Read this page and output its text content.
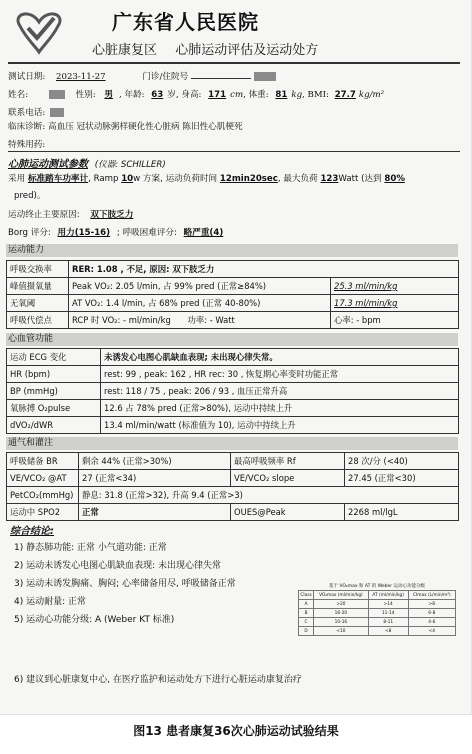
广东省人民医院
心脏康复区 心肺运动评估及运动处方
测试日期: 2023-11-27	门诊/住院号
姓名:	性别: 男 , 年龄: 63 岁, 身高: 171 cm, 体重: 81 kg, BMI: 27.7 kg/m²
联系电话:
临床诊断: 高血压 冠状动脉粥样硬化性心脏病 陈旧性心肌梗死
特殊用药:
心肺运动测试参数 (仪器: SCHILLER)
采用 标准踏车功率计, Ramp 10w 方案, 运动负荷时间 12min20sec, 最大负荷 123Watt (达到 80%
pred)。
运动终止主要原因: 双下肢乏力
Borg 评分: 用力(15-16) ; 呼吸困难评分: 略严重(4)
运动能力
呼吸交换率	RER: 1.08 , 不足, 原因: 双下肢乏力	
峰值摄氧量	Peak VO₂: 2.05 l/min, 占 99% pred (正常≥84%)	25.3 ml/min/kg
无氧阈	AT VO₂: 1.4 l/min, 占 68% pred (正常 40-80%)	17.3 ml/min/kg
呼吸代偿点	RCP 时 VO₂: - ml/min/kg 功率: - Watt	心率: - bpm
心血管功能
运动 ECG 变化	未诱发心电图心肌缺血表现; 未出现心律失常。
HR (bpm)	rest: 99 , peak: 162 , HR rec: 30 , 恢复期心率变时功能正常
BP (mmHg)	rest: 118 / 75 , peak: 206 / 93 , 血压正常升高
氧脉搏 O₂pulse	12.6 占 78% pred (正常>80%), 运动中持续上升
dVO₂/dWR	13.4 ml/min/watt (标准值为 10), 运动中持续上升
通气和灌注
呼吸储备 BR	剩余 44% (正常>30%)	最高呼吸频率 Rf	28 次/分 (<40)
VE/VCO₂ @AT	27 (正常<34)	VE/VCO₂ slope	27.45 (正常<30)
PetCO₂(mmHg)	静息: 31.8 (正常>32), 升高 9.4 (正常>3)		
运动中 SPO2	正常	OUES@Peak	2268 ml/lgL
综合结论:
1) 静态肺功能: 正常 小气道功能: 正常
2) 运动未诱发心电图心肌缺血表现: 未出现心律失常
3) 运动未诱发胸痛、胸闷; 心率储备用尽, 呼吸储备正常
4) 运动耐量: 正常
5) 运动心功能分级: A (Weber KT 标准)
6) 建议到心脏康复中心, 在医疗监护和运动处方下进行心脏运动康复治疗
基于 VO₂max 和 AT 的 Weber 运动心功能分级
Class	VO₂max (ml/min/kg)	AT (ml/min/kg)	CImax (L/min/m²)
A	>20	>14	>8
B	16-20	11-14	6-8
C	10-16	8-11	4-6
D	<10	<8	<4
图13 患者康复36次心肺运动试验结果
